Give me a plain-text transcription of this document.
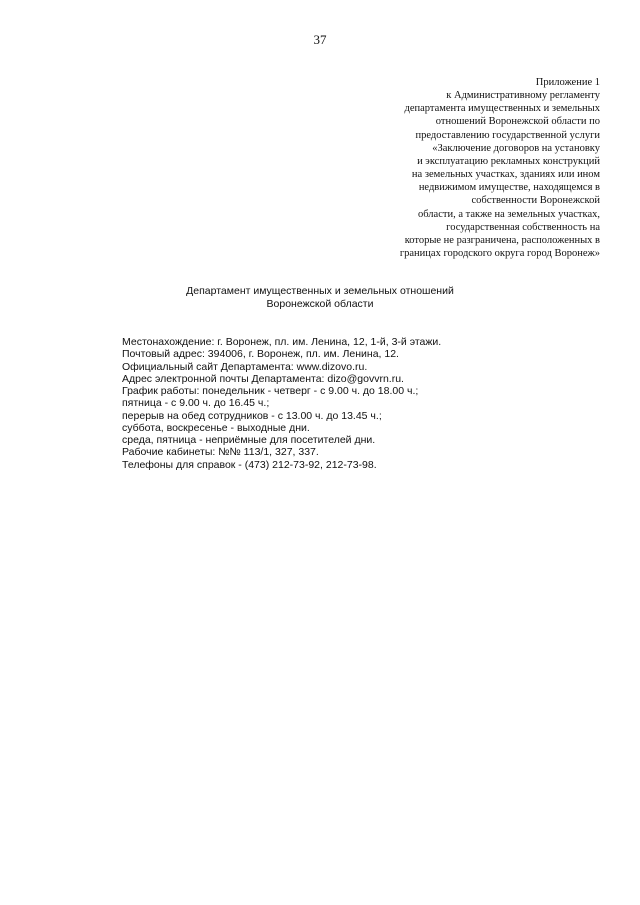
37
Приложение 1
к Административному регламенту
департамента имущественных и земельных
отношений Воронежской области по
предоставлению государственной услуги
«Заключение договоров на установку
и эксплуатацию рекламных конструкций
на земельных участках, зданиях или ином
недвижимом имуществе, находящемся в
собственности Воронежской
области, а также на земельных участках,
государственная собственность на
которые не разграничена, расположенных в
границах городского округа город Воронеж»
Департамент имущественных и земельных отношений
Воронежской области
Местонахождение: г. Воронеж, пл. им. Ленина, 12, 1-й, 3-й этажи.
Почтовый адрес: 394006, г. Воронеж, пл. им. Ленина, 12.
Официальный сайт Департамента: www.dizovo.ru.
Адрес электронной почты Департамента: dizo@govvrn.ru.
График работы: понедельник - четверг - с 9.00 ч. до 18.00 ч.;
пятница - с 9.00 ч. до 16.45 ч.;
перерыв на обед сотрудников - с 13.00 ч. до 13.45 ч.;
суббота, воскресенье - выходные дни.
среда, пятница - неприёмные для посетителей дни.
Рабочие кабинеты: №№ 113/1, 327, 337.
Телефоны для справок - (473) 212-73-92, 212-73-98.
